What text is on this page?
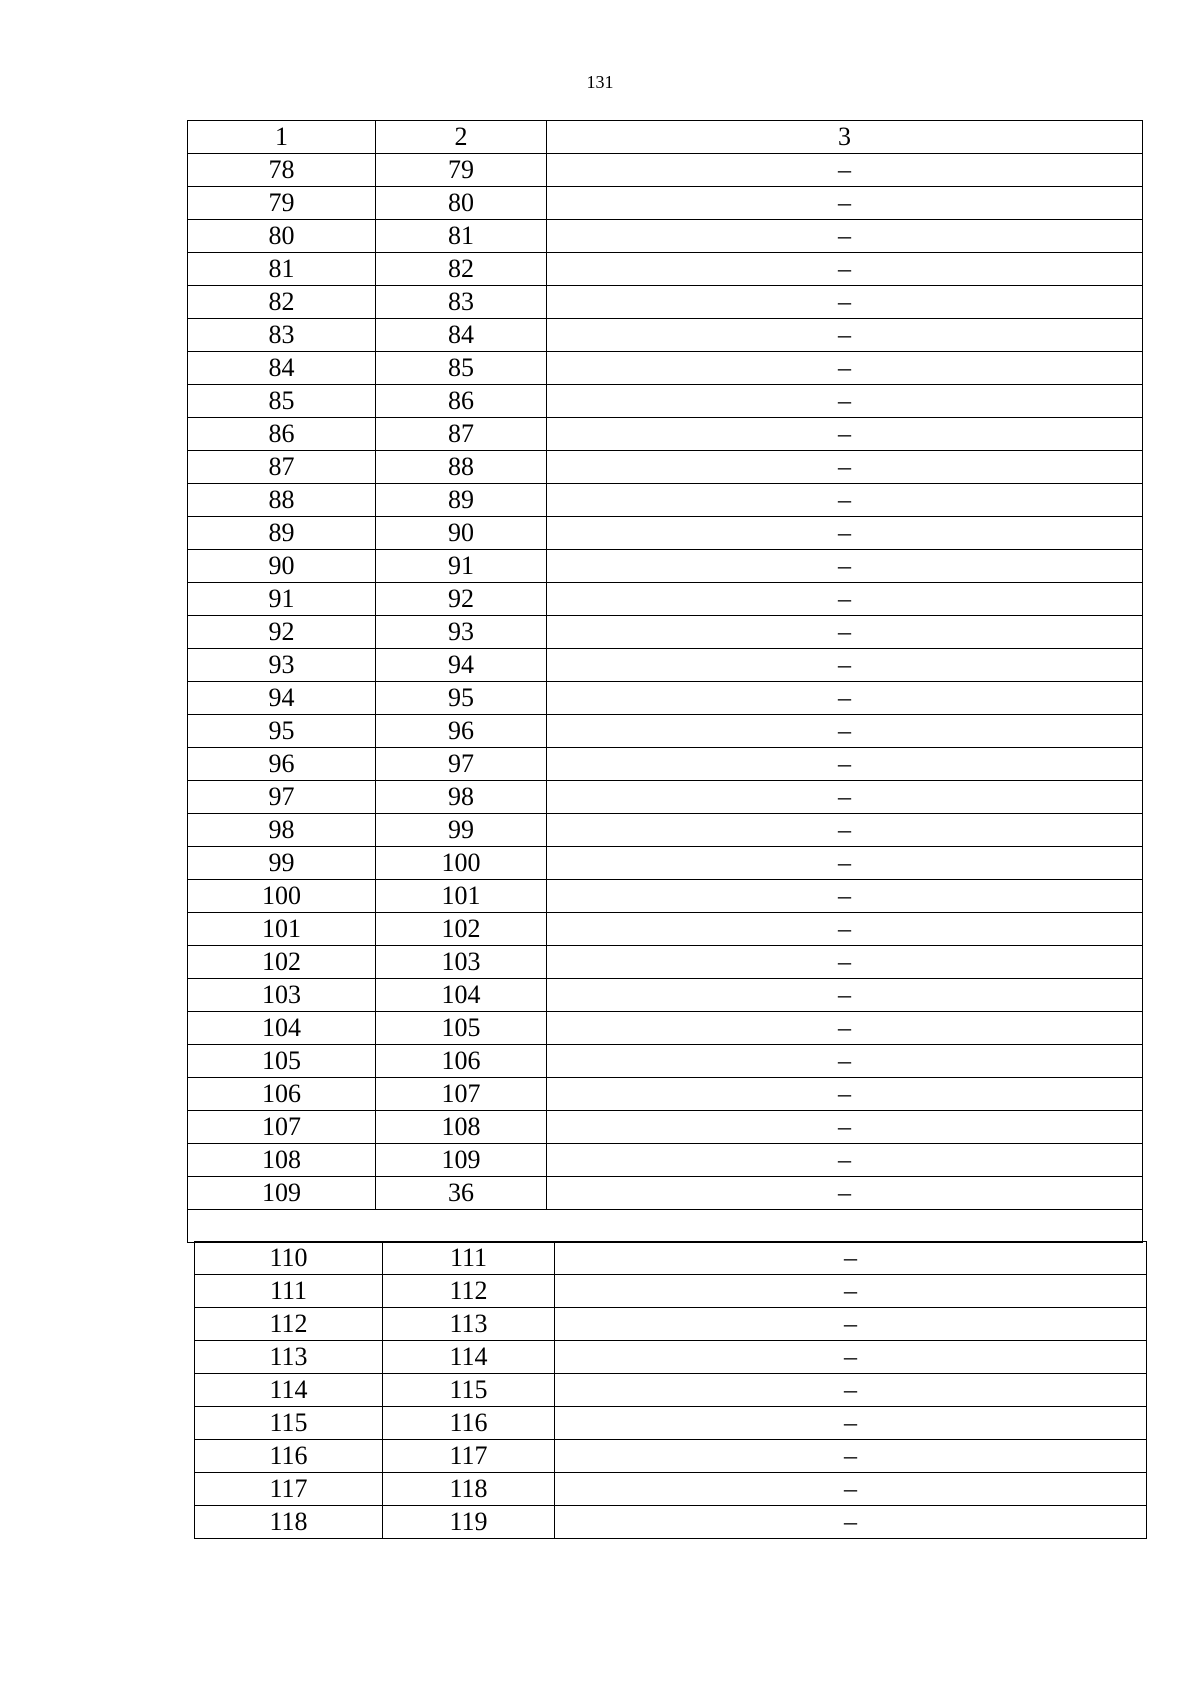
131
1	2	3
78	79	–
79	80	–
80	81	–
81	82	–
82	83	–
83	84	–
84	85	–
85	86	–
86	87	–
87	88	–
88	89	–
89	90	–
90	91	–
91	92	–
92	93	–
93	94	–
94	95	–
95	96	–
96	97	–
97	98	–
98	99	–
99	100	–
100	101	–
101	102	–
102	103	–
103	104	–
104	105	–
105	106	–
106	107	–
107	108	–
108	109	–
109	36	–

110	111	–
111	112	–
112	113	–
113	114	–
114	115	–
115	116	–
116	117	–
117	118	–
118	119	–
